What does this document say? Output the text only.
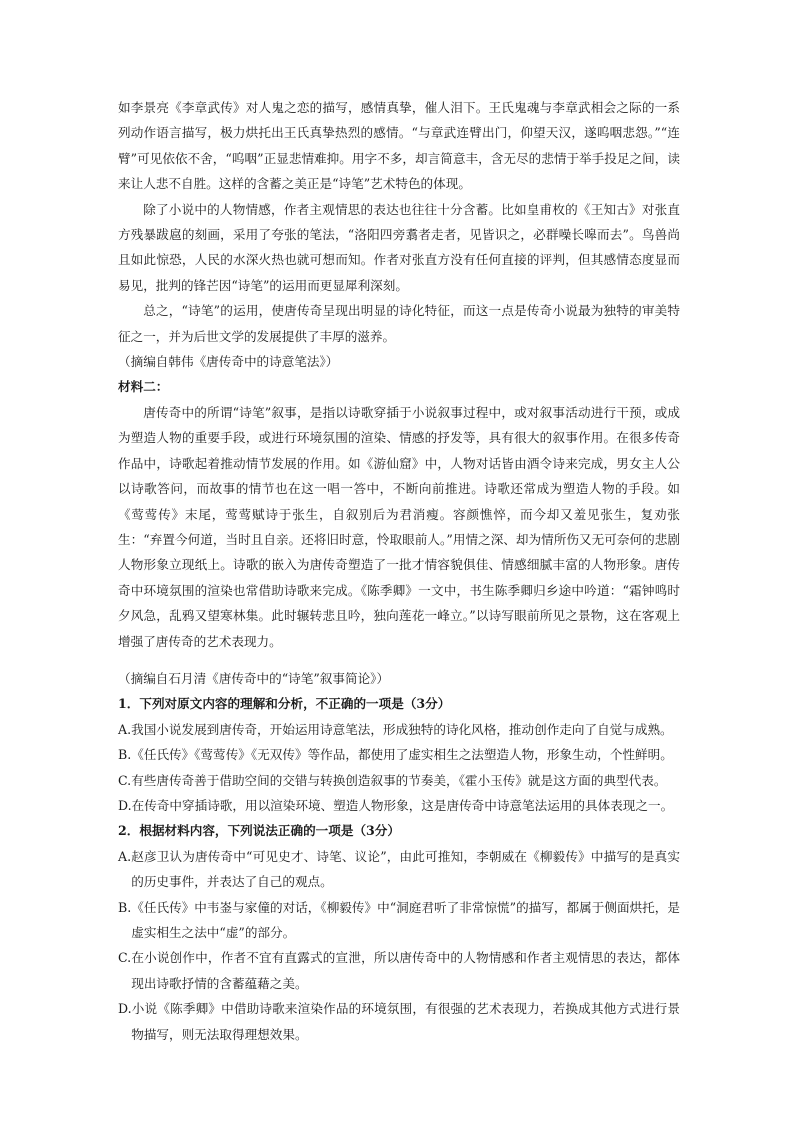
如李景亮《李章武传》对人鬼之恋的描写，感情真挚，催人泪下。王氏鬼魂与李章武相会之际的一系列动作语言描写，极力烘托出王氏真挚热烈的感情。“与章武连臂出门，仰望天汉，遂呜咽悲怨。”“连臂”可见依依不舍，“呜咽”正显悲情难抑。用字不多，却言简意丰，含无尽的悲情于举手投足之间，读来让人悲不自胜。这样的含蓄之美正是“诗笔”艺术特色的体现。

除了小说中的人物情感，作者主观情思的表达也往往十分含蓄。比如皇甫枚的《王知古》对张直方残暴跋扈的刻画，采用了夸张的笔法，“洛阳四旁翥者走者，见皆识之，必群噪长嗥而去”。鸟兽尚且如此惊恐，人民的水深火热也就可想而知。作者对张直方没有任何直接的评判，但其感情态度显而易见，批判的锋芒因“诗笔”的运用而更显犀利深刻。

总之，“诗笔”的运用，使唐传奇呈现出明显的诗化特征，而这一点是传奇小说最为独特的审美特征之一，并为后世文学的发展提供了丰厚的滋养。

（摘编自韩伟《唐传奇中的诗意笔法》）

材料二：

唐传奇中的所谓“诗笔”叙事，是指以诗歌穿插于小说叙事过程中，或对叙事活动进行干预，或成为塑造人物的重要手段，或进行环境氛围的渲染、情感的抒发等，具有很大的叙事作用。在很多传奇作品中，诗歌起着推动情节发展的作用。如《游仙窟》中，人物对话皆由酒令诗来完成，男女主人公以诗歌答问，而故事的情节也在这一唱一答中，不断向前推进。诗歌还常成为塑造人物的手段。如《莺莺传》末尾，莺莺赋诗于张生，自叙别后为君消瘦。容颜憔悴，而今却又羞见张生，复劝张生：“弃置今何道，当时且自亲。还将旧时意，怜取眼前人。”用情之深、却为情所伤又无可奈何的悲剧人物形象立现纸上。诗歌的嵌入为唐传奇塑造了一批才情容貌俱佳、情感细腻丰富的人物形象。唐传奇中环境氛围的渲染也常借助诗歌来完成。《陈季卿》一文中，书生陈季卿归乡途中吟道：“霜钟鸣时夕风急，乱鸦又望寒林集。此时辗转悲且吟，独向莲花一峰立。”以诗写眼前所见之景物，这在客观上增强了唐传奇的艺术表现力。

（摘编自石月清《唐传奇中的“诗笔”叙事简论》）

1．下列对原文内容的理解和分析，不正确的一项是（3分）

A.我国小说发展到唐传奇，开始运用诗意笔法，形成独特的诗化风格，推动创作走向了自觉与成熟。

B.《任氏传》《莺莺传》《无双传》等作品，都使用了虚实相生之法塑造人物，形象生动，个性鲜明。

C.有些唐传奇善于借助空间的交错与转换创造叙事的节奏美，《霍小玉传》就是这方面的典型代表。

D.在传奇中穿插诗歌，用以渲染环境、塑造人物形象，这是唐传奇中诗意笔法运用的具体表现之一。

2．根据材料内容，下列说法正确的一项是（3分）

A.赵彦卫认为唐传奇中“可见史才、诗笔、议论”，由此可推知，李朝威在《柳毅传》中描写的是真实的历史事件，并表达了自己的观点。

B.《任氏传》中韦崟与家僮的对话，《柳毅传》中“洞庭君听了非常惊慌”的描写，都属于侧面烘托，是虚实相生之法中“虚”的部分。

C.在小说创作中，作者不宜有直露式的宣泄，所以唐传奇中的人物情感和作者主观情思的表达，都体现出诗歌抒情的含蓄蕴藉之美。

D.小说《陈季卿》中借助诗歌来渲染作品的环境氛围，有很强的艺术表现力，若换成其他方式进行景物描写，则无法取得理想效果。
